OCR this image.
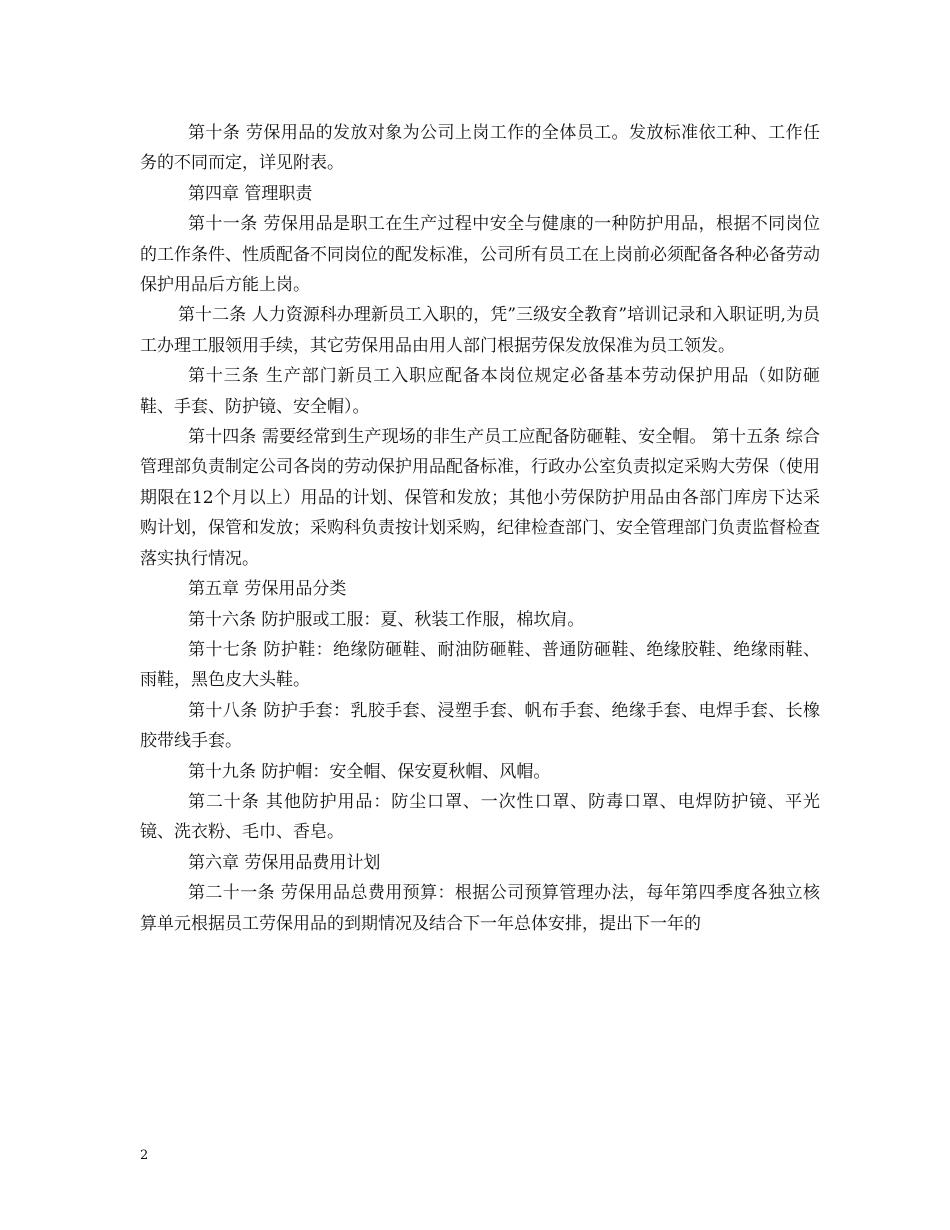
第十条 劳保用品的发放对象为公司上岗工作的全体员工。发放标准依工种、工作任务的不同而定，详见附表。

第四章 管理职责

第十一条 劳保用品是职工在生产过程中安全与健康的一种防护用品，根据不同岗位的工作条件、性质配备不同岗位的配发标准，公司所有员工在上岗前必须配备各种必备劳动保护用品后方能上岗。

第十二条 人力资源科办理新员工入职的，凭”三级安全教育”培训记录和入职证明,为员工办理工服领用手续，其它劳保用品由用人部门根据劳保发放保准为员工领发。

第十三条 生产部门新员工入职应配备本岗位规定必备基本劳动保护用品（如防砸鞋、手套、防护镜、安全帽）。

第十四条 需要经常到生产现场的非生产员工应配备防砸鞋、安全帽。 第十五条 综合管理部负责制定公司各岗的劳动保护用品配备标准，行政办公室负责拟定采购大劳保（使用期限在12个月以上）用品的计划、保管和发放；其他小劳保防护用品由各部门库房下达采购计划，保管和发放；采购科负责按计划采购，纪律检查部门、安全管理部门负责监督检查落实执行情况。

第五章 劳保用品分类

第十六条 防护服或工服：夏、秋装工作服，棉坎肩。

第十七条 防护鞋：绝缘防砸鞋、耐油防砸鞋、普通防砸鞋、绝缘胶鞋、绝缘雨鞋、雨鞋，黑色皮大头鞋。

第十八条 防护手套：乳胶手套、浸塑手套、帆布手套、绝缘手套、电焊手套、长橡胶带线手套。

第十九条 防护帽：安全帽、保安夏秋帽、风帽。

第二十条 其他防护用品：防尘口罩、一次性口罩、防毒口罩、电焊防护镜、平光镜、洗衣粉、毛巾、香皂。

第六章 劳保用品费用计划

第二十一条 劳保用品总费用预算：根据公司预算管理办法，每年第四季度各独立核算单元根据员工劳保用品的到期情况及结合下一年总体安排，提出下一年的

2
